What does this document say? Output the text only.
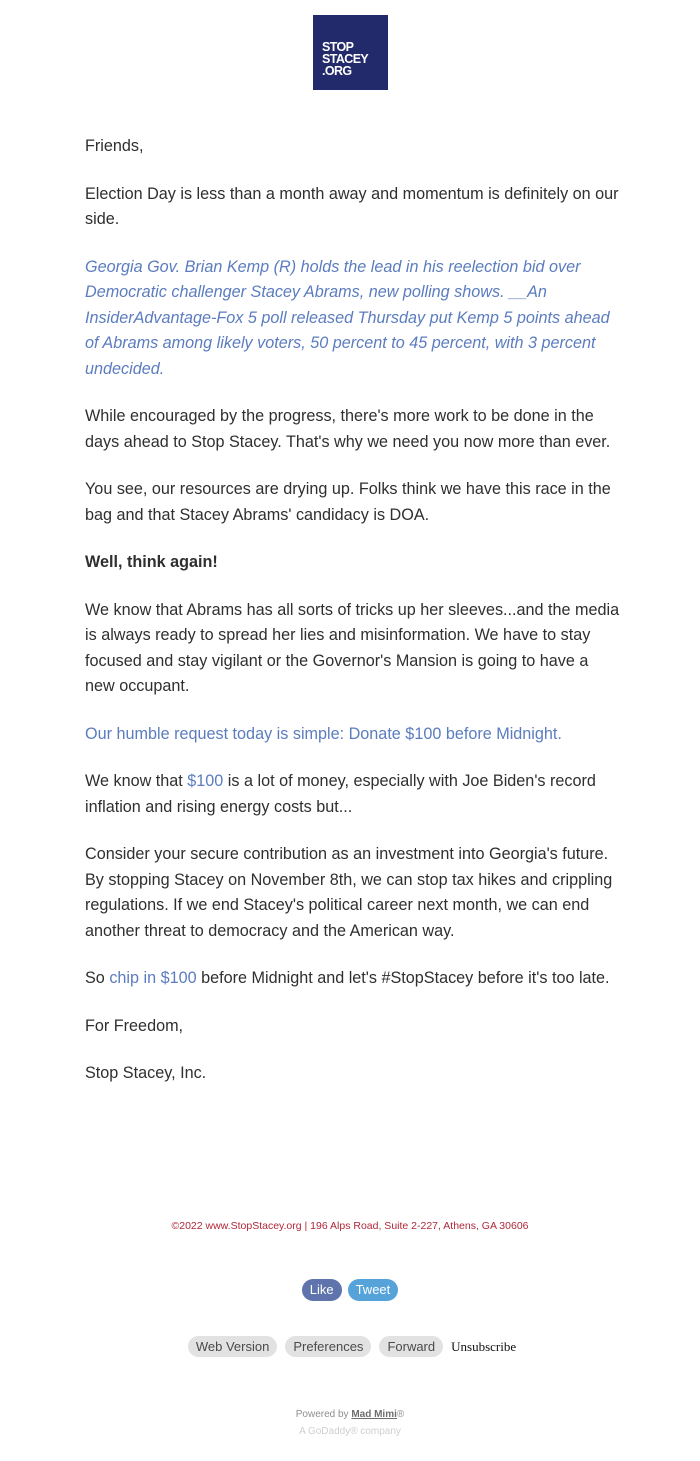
STOP
STACEY
.ORG

Friends,

Election Day is less than a month away and momentum is definitely on our side.

Georgia Gov. Brian Kemp (R) holds the lead in his reelection bid over Democratic challenger Stacey Abrams, new polling shows. __An InsiderAdvantage-Fox 5 poll released Thursday put Kemp 5 points ahead of Abrams among likely voters, 50 percent to 45 percent, with 3 percent undecided.

While encouraged by the progress, there's more work to be done in the days ahead to Stop Stacey. That's why we need you now more than ever.

You see, our resources are drying up. Folks think we have this race in the bag and that Stacey Abrams' candidacy is DOA.

Well, think again!

We know that Abrams has all sorts of tricks up her sleeves...and the media is always ready to spread her lies and misinformation. We have to stay focused and stay vigilant or the Governor's Mansion is going to have a new occupant.

Our humble request today is simple: Donate $100 before Midnight.

We know that $100 is a lot of money, especially with Joe Biden's record inflation and rising energy costs but...

Consider your secure contribution as an investment into Georgia's future. By stopping Stacey on November 8th, we can stop tax hikes and crippling regulations. If we end Stacey's political career next month, we can end another threat to democracy and the American way.

So chip in $100 before Midnight and let's #StopStacey before it's too late.

For Freedom,

Stop Stacey, Inc.

©2022 www.StopStacey.org | 196 Alps Road, Suite 2-227, Athens, GA 30606
Like Tweet
Web Version Preferences Forward Unsubscribe
Powered by Mad Mimi®
A GoDaddy® company
